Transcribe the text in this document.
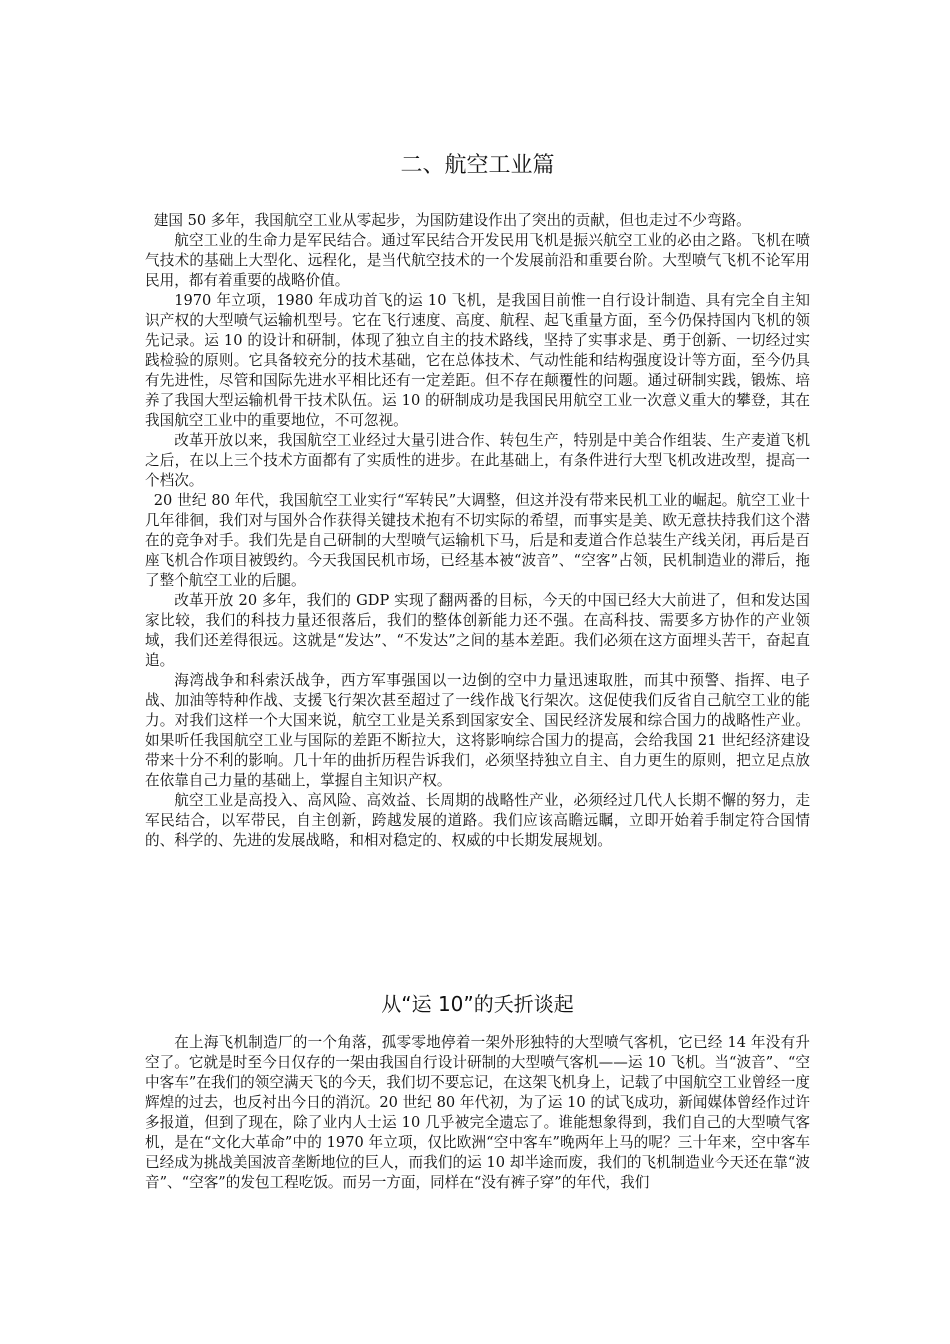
二、航空工业篇

建国 50 多年，我国航空工业从零起步，为国防建设作出了突出的贡献，但也走过不少弯路。

航空工业的生命力是军民结合。通过军民结合开发民用飞机是振兴航空工业的必由之路。飞机在喷气技术的基础上大型化、远程化，是当代航空技术的一个发展前沿和重要台阶。大型喷气飞机不论军用民用，都有着重要的战略价值。

1970 年立项，1980 年成功首飞的运 10 飞机，是我国目前惟一自行设计制造、具有完全自主知识产权的大型喷气运输机型号。它在飞行速度、高度、航程、起飞重量方面，至今仍保持国内飞机的领先记录。运 10 的设计和研制，体现了独立自主的技术路线，坚持了实事求是、勇于创新、一切经过实践检验的原则。它具备较充分的技术基础，它在总体技术、气动性能和结构强度设计等方面，至今仍具有先进性，尽管和国际先进水平相比还有一定差距。但不存在颠覆性的问题。通过研制实践，锻炼、培养了我国大型运输机骨干技术队伍。运 10 的研制成功是我国民用航空工业一次意义重大的攀登，其在我国航空工业中的重要地位，不可忽视。

改革开放以来，我国航空工业经过大量引进合作、转包生产，特别是中美合作组装、生产麦道飞机之后，在以上三个技术方面都有了实质性的进步。在此基础上，有条件进行大型飞机改进改型，提高一个档次。

20 世纪 80 年代，我国航空工业实行“军转民”大调整，但这并没有带来民机工业的崛起。航空工业十几年徘徊，我们对与国外合作获得关键技术抱有不切实际的希望，而事实是美、欧无意扶持我们这个潜在的竞争对手。我们先是自己研制的大型喷气运输机下马，后是和麦道合作总装生产线关闭，再后是百座飞机合作项目被毁约。今天我国民机市场，已经基本被“波音”、“空客”占领，民机制造业的滞后，拖了整个航空工业的后腿。

改革开放 20 多年，我们的 GDP 实现了翻两番的目标，今天的中国已经大大前进了，但和发达国家比较，我们的科技力量还很落后，我们的整体创新能力还不强。在高科技、需要多方协作的产业领域，我们还差得很远。这就是“发达”、“不发达”之间的基本差距。我们必须在这方面埋头苦干，奋起直追。

海湾战争和科索沃战争，西方军事强国以一边倒的空中力量迅速取胜，而其中预警、指挥、电子战、加油等特种作战、支援飞行架次甚至超过了一线作战飞行架次。这促使我们反省自己航空工业的能力。对我们这样一个大国来说，航空工业是关系到国家安全、国民经济发展和综合国力的战略性产业。如果听任我国航空工业与国际的差距不断拉大，这将影响综合国力的提高，会给我国 21 世纪经济建设带来十分不利的影响。几十年的曲折历程告诉我们，必须坚持独立自主、自力更生的原则，把立足点放在依靠自己力量的基础上，掌握自主知识产权。

航空工业是高投入、高风险、高效益、长周期的战略性产业，必须经过几代人长期不懈的努力，走军民结合，以军带民，自主创新，跨越发展的道路。我们应该高瞻远瞩，立即开始着手制定符合国情的、科学的、先进的发展战略，和相对稳定的、权威的中长期发展规划。

从“运 10”的夭折谈起

在上海飞机制造厂的一个角落，孤零零地停着一架外形独特的大型喷气客机，它已经 14 年没有升空了。它就是时至今日仅存的一架由我国自行设计研制的大型喷气客机——运 10 飞机。当“波音”、“空中客车”在我们的领空满天飞的今天，我们切不要忘记，在这架飞机身上，记载了中国航空工业曾经一度辉煌的过去，也反衬出今日的消沉。20 世纪 80 年代初，为了运 10 的试飞成功，新闻媒体曾经作过许多报道，但到了现在，除了业内人士运 10 几乎被完全遗忘了。谁能想象得到，我们自己的大型喷气客机，是在“文化大革命”中的 1970 年立项，仅比欧洲“空中客车”晚两年上马的呢？三十年来，空中客车已经成为挑战美国波音垄断地位的巨人，而我们的运 10 却半途而废，我们的飞机制造业今天还在靠“波音”、“空客”的发包工程吃饭。而另一方面，同样在“没有裤子穿”的年代，我们
